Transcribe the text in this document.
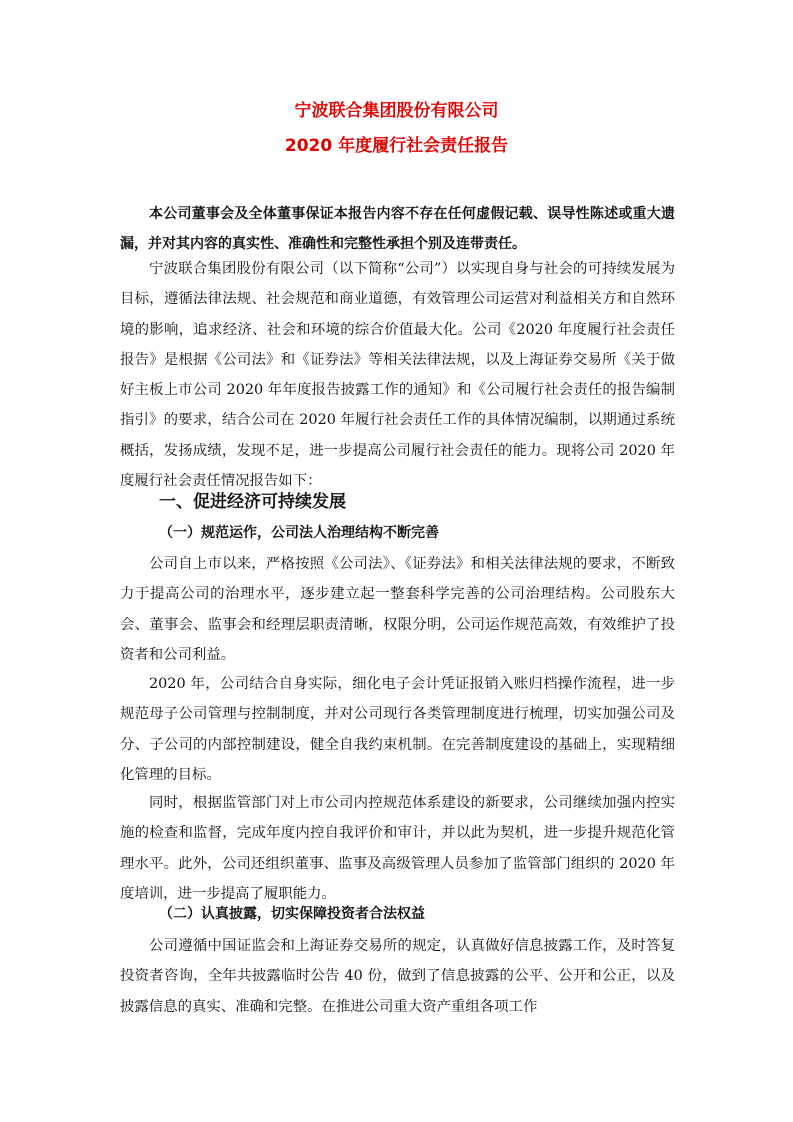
宁波联合集团股份有限公司
2020 年度履行社会责任报告

本公司董事会及全体董事保证本报告内容不存在任何虚假记载、误导性陈述或重大遗漏，并对其内容的真实性、准确性和完整性承担个别及连带责任。

宁波联合集团股份有限公司（以下简称“公司”）以实现自身与社会的可持续发展为目标，遵循法律法规、社会规范和商业道德，有效管理公司运营对利益相关方和自然环境的影响，追求经济、社会和环境的综合价值最大化。公司《2020 年度履行社会责任报告》是根据《公司法》和《证券法》等相关法律法规，以及上海证券交易所《关于做好主板上市公司 2020 年年度报告披露工作的通知》和《公司履行社会责任的报告编制指引》的要求，结合公司在 2020 年履行社会责任工作的具体情况编制，以期通过系统概括，发扬成绩，发现不足，进一步提高公司履行社会责任的能力。现将公司 2020 年度履行社会责任情况报告如下：

一、促进经济可持续发展
（一）规范运作，公司法人治理结构不断完善

公司自上市以来，严格按照《公司法》、《证券法》和相关法律法规的要求，不断致力于提高公司的治理水平，逐步建立起一整套科学完善的公司治理结构。公司股东大会、董事会、监事会和经理层职责清晰，权限分明，公司运作规范高效，有效维护了投资者和公司利益。

2020 年，公司结合自身实际，细化电子会计凭证报销入账归档操作流程，进一步规范母子公司管理与控制制度，并对公司现行各类管理制度进行梳理，切实加强公司及分、子公司的内部控制建设，健全自我约束机制。在完善制度建设的基础上，实现精细化管理的目标。

同时，根据监管部门对上市公司内控规范体系建设的新要求，公司继续加强内控实施的检查和监督，完成年度内控自我评价和审计，并以此为契机，进一步提升规范化管理水平。此外，公司还组织董事、监事及高级管理人员参加了监管部门组织的 2020 年度培训，进一步提高了履职能力。

（二）认真披露，切实保障投资者合法权益

公司遵循中国证监会和上海证券交易所的规定，认真做好信息披露工作，及时答复投资者咨询，全年共披露临时公告 40 份，做到了信息披露的公平、公开和公正，以及披露信息的真实、准确和完整。在推进公司重大资产重组各项工作
